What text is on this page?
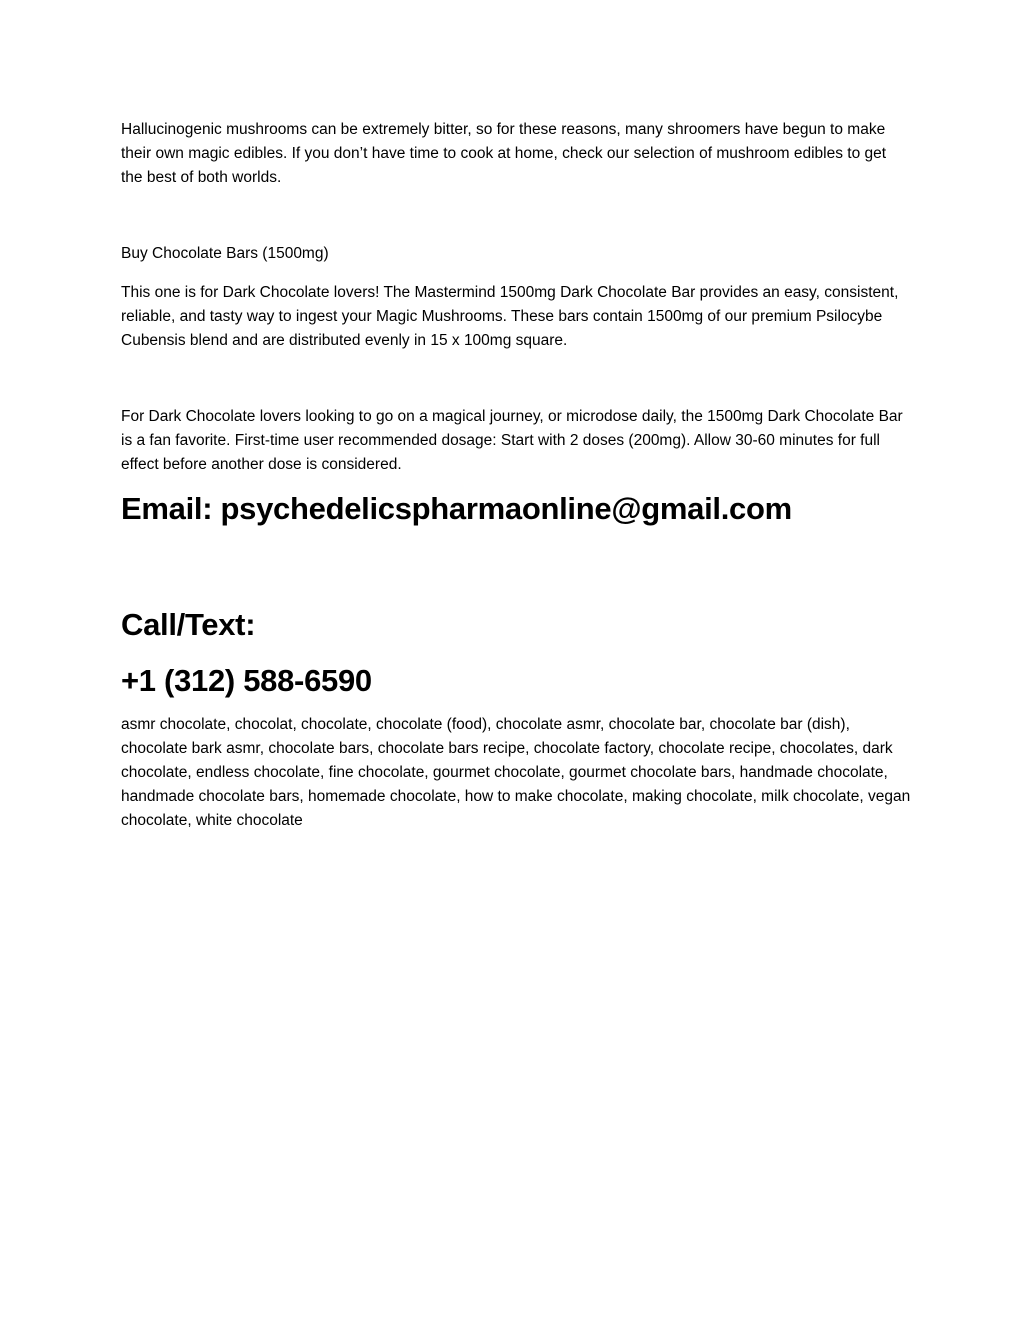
Hallucinogenic mushrooms can be extremely bitter, so for these reasons, many shroomers have begun to make their own magic edibles. If you don’t have time to cook at home, check our selection of mushroom edibles to get the best of both worlds.

Buy Chocolate Bars (1500mg)

This one is for Dark Chocolate lovers! The Mastermind 1500mg Dark Chocolate Bar provides an easy, consistent, reliable, and tasty way to ingest your Magic Mushrooms. These bars contain 1500mg of our premium Psilocybe Cubensis blend and are distributed evenly in 15 x 100mg square.

For Dark Chocolate lovers looking to go on a magical journey, or microdose daily, the 1500mg Dark Chocolate Bar is a fan favorite. First-time user recommended dosage: Start with 2 doses (200mg). Allow 30-60 minutes for full effect before another dose is considered.

Email: psychedelicspharmaonline@gmail.com
Call/Text:
+1 (312) 588-6590

asmr chocolate, chocolat, chocolate, chocolate (food), chocolate asmr, chocolate bar, chocolate bar (dish), chocolate bark asmr, chocolate bars, chocolate bars recipe, chocolate factory, chocolate recipe, chocolates, dark chocolate, endless chocolate, fine chocolate, gourmet chocolate, gourmet chocolate bars, handmade chocolate, handmade chocolate bars, homemade chocolate, how to make chocolate, making chocolate, milk chocolate, vegan chocolate, white chocolate
